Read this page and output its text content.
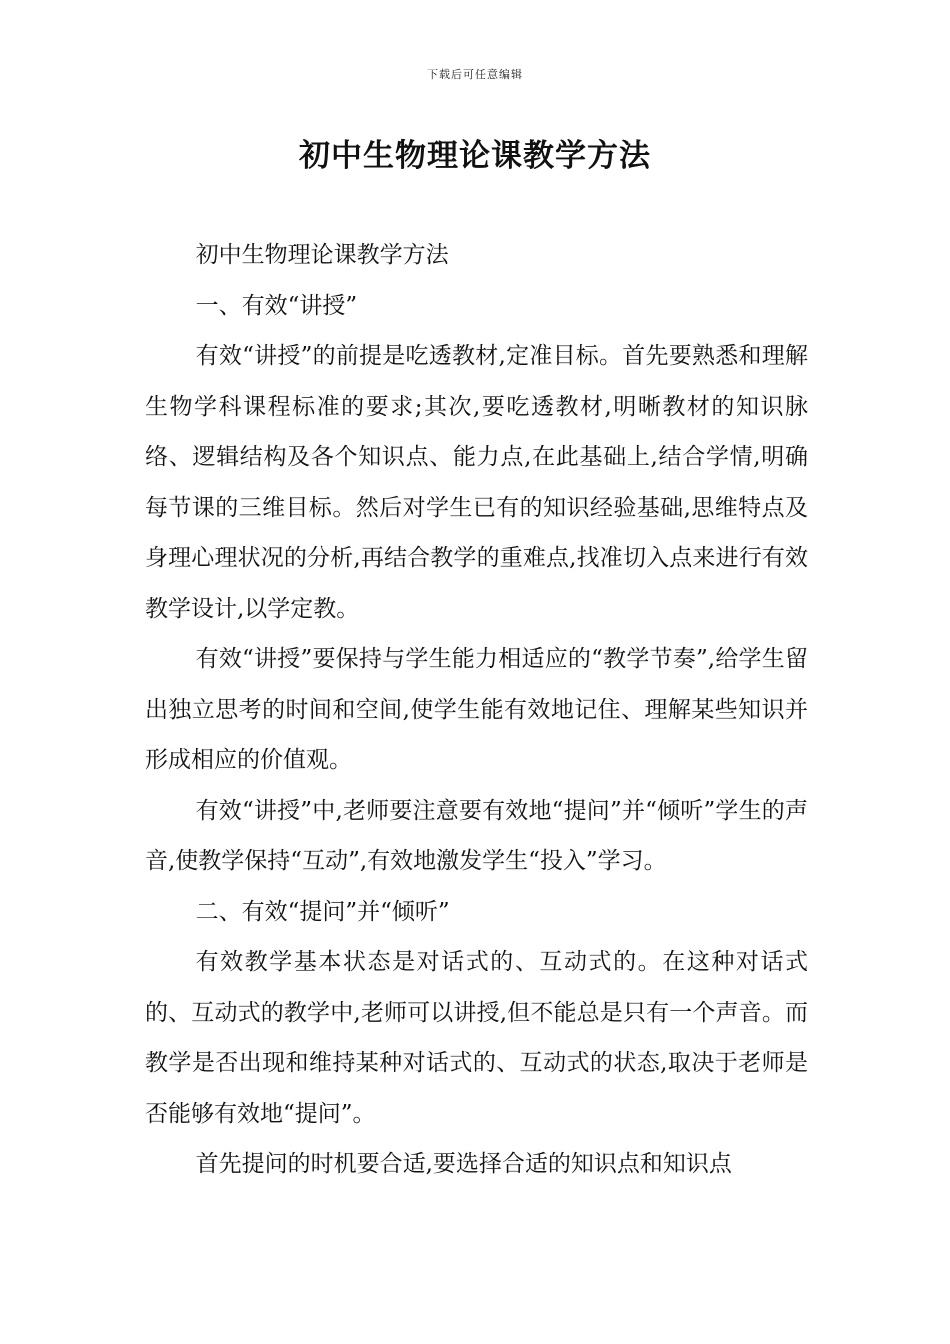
下载后可任意编辑
初中生物理论课教学方法

初中生物理论课教学方法

一、有效“讲授”

有效“讲授”的前提是吃透教材,定准目标。首先要熟悉和理解生物学科课程标准的要求;其次,要吃透教材,明晰教材的知识脉络、逻辑结构及各个知识点、能力点,在此基础上,结合学情,明确每节课的三维目标。然后对学生已有的知识经验基础,思维特点及身理心理状况的分析,再结合教学的重难点,找准切入点来进行有效教学设计,以学定教。

有效“讲授”要保持与学生能力相适应的“教学节奏”,给学生留出独立思考的时间和空间,使学生能有效地记住、理解某些知识并形成相应的价值观。

有效“讲授”中,老师要注意要有效地“提问”并“倾听”学生的声音,使教学保持“互动”,有效地激发学生“投入”学习。

二、有效“提问”并“倾听”

有效教学基本状态是对话式的、互动式的。在这种对话式的、互动式的教学中,老师可以讲授,但不能总是只有一个声音。而教学是否出现和维持某种对话式的、互动式的状态,取决于老师是否能够有效地“提问”。

首先提问的时机要合适,要选择合适的知识点和知识点
